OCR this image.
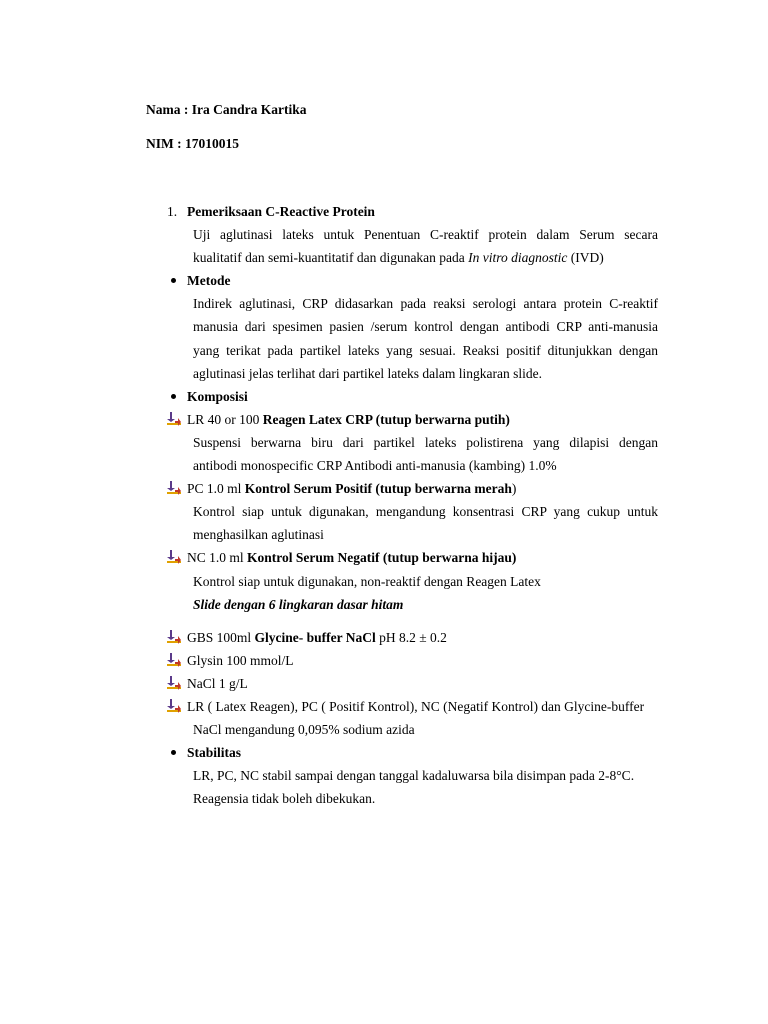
Nama : Ira Candra Kartika
NIM : 17010015
1. Pemeriksaan C-Reactive Protein
Uji aglutinasi lateks untuk Penentuan C-reaktif protein dalam Serum secara
kualitatif dan semi-kuantitatif dan digunakan pada In vitro diagnostic (IVD)
Metode
Indirek aglutinasi, CRP didasarkan pada reaksi serologi antara protein C-reaktif
manusia dari spesimen pasien /serum kontrol dengan antibodi CRP anti-manusia
yang terikat pada partikel lateks yang sesuai. Reaksi positif ditunjukkan dengan
aglutinasi jelas terlihat dari partikel lateks dalam lingkaran slide.
Komposisi
LR 40 or 100 Reagen Latex CRP (tutup berwarna putih)
Suspensi berwarna biru dari partikel lateks polistirena yang dilapisi dengan
antibodi monospecific CRP Antibodi anti-manusia (kambing) 1.0%
PC 1.0 ml Kontrol Serum Positif (tutup berwarna merah)
Kontrol siap untuk digunakan, mengandung konsentrasi CRP yang cukup untuk
menghasilkan aglutinasi
NC 1.0 ml Kontrol Serum Negatif (tutup berwarna hijau)
Kontrol siap untuk digunakan, non-reaktif dengan Reagen Latex
Slide dengan 6 lingkaran dasar hitam
GBS 100ml Glycine- buffer NaCl pH 8.2 ± 0.2
Glysin 100 mmol/L
NaCl 1 g/L
LR ( Latex Reagen), PC ( Positif Kontrol), NC (Negatif Kontrol) dan Glycine-buffer
NaCl mengandung 0,095% sodium azida
Stabilitas
LR, PC, NC stabil sampai dengan tanggal kadaluwarsa bila disimpan pada 2-8°C.
Reagensia tidak boleh dibekukan.
